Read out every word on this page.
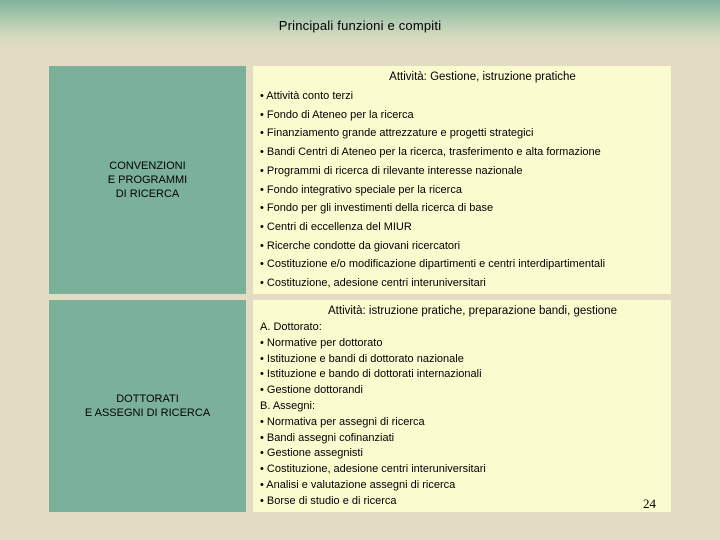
Principali funzioni e compiti
CONVENZIONI
E PROGRAMMI
DI RICERCA
Attività: Gestione, istruzione pratiche
• Attività conto terzi
• Fondo di Ateneo per la ricerca
• Finanziamento grande attrezzature e progetti strategici
• Bandi Centri di Ateneo per la ricerca, trasferimento e alta formazione
• Programmi di ricerca di rilevante interesse nazionale
• Fondo integrativo speciale per la ricerca
• Fondo per gli investimenti della ricerca di base
• Centri di eccellenza del MIUR
• Ricerche condotte da giovani ricercatori
• Costituzione e/o modificazione dipartimenti e centri interdipartimentali
• Costituzione, adesione centri interuniversitari
DOTTORATI
E ASSEGNI DI RICERCA
Attività: istruzione pratiche, preparazione bandi, gestione
A. Dottorato:
• Normative per dottorato
• Istituzione e bandi di dottorato nazionale
• Istituzione e bando di dottorati internazionali
• Gestione dottorandi
B. Assegni:
• Normativa per assegni di ricerca
• Bandi assegni cofinanziati
• Gestione assegnisti
• Costituzione, adesione centri interuniversitari
• Analisi e valutazione assegni di ricerca
• Borse di studio e di ricerca	24
